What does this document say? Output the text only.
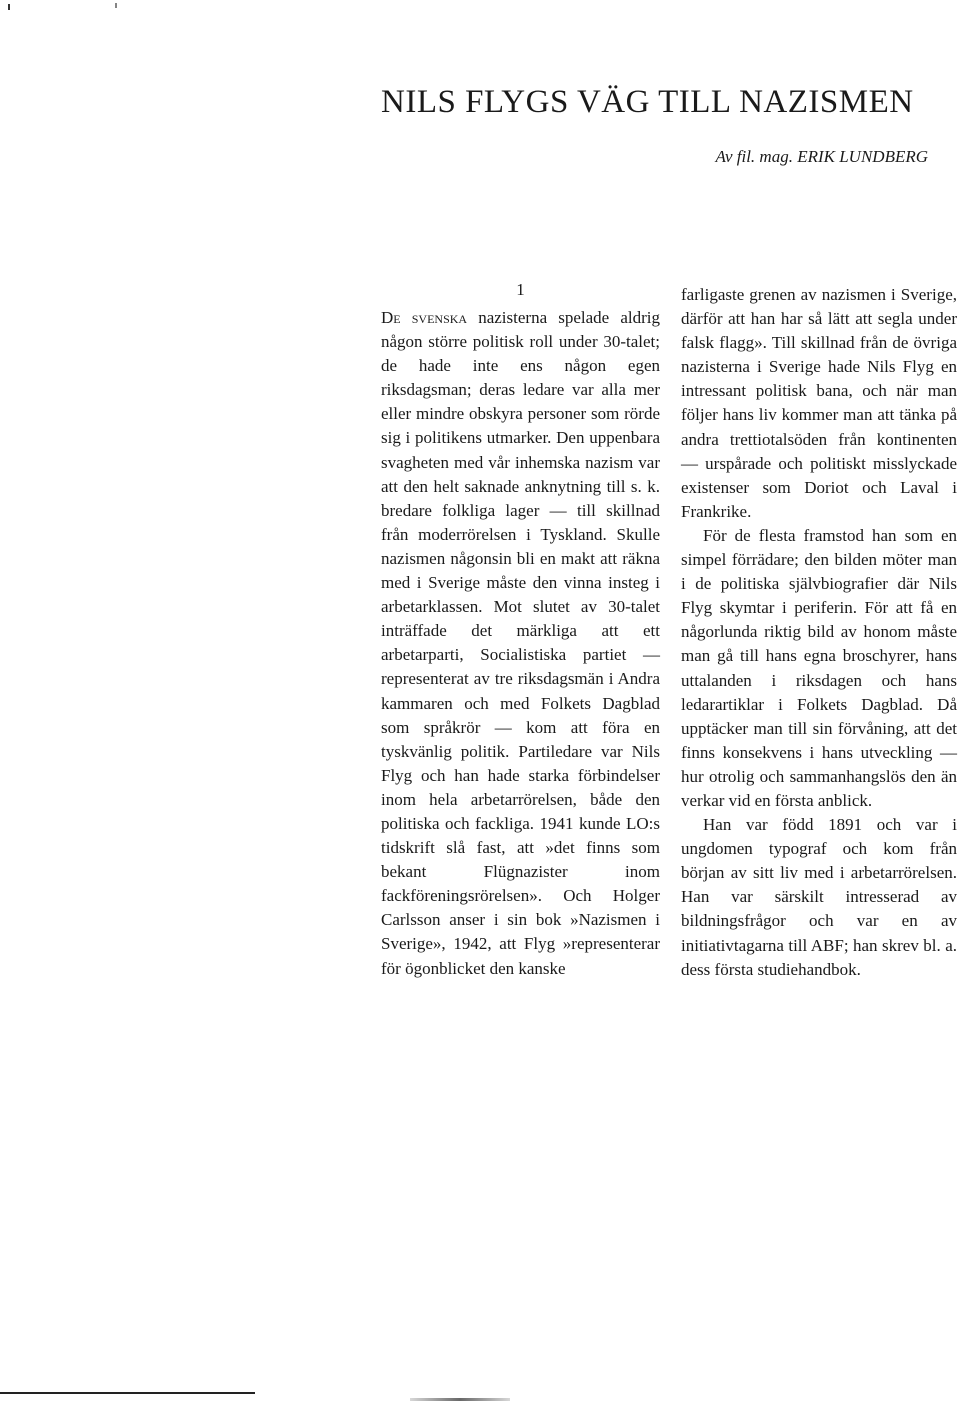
NILS FLYGS VÄG TILL NAZISMEN
Av fil. mag. ERIK LUNDBERG
1

De svenska nazisterna spelade aldrig någon större politisk roll under 30-talet; de hade inte ens någon egen riksdagsman; deras ledare var alla mer eller mindre obskyra personer som rörde sig i politikens utmarker. Den uppenbara svagheten med vår inhemska nazism var att den helt saknade anknytning till s. k. bredare folkliga lager — till skillnad från moderrörelsen i Tyskland. Skulle nazismen någonsin bli en makt att räkna med i Sverige måste den vinna insteg i arbetarklassen. Mot slutet av 30-talet inträffade det märkliga att ett arbetarparti, Socialistiska partiet — representerat av tre riksdagsmän i Andra kammaren och med Folkets Dagblad som språkrör — kom att föra en tyskvänlig politik. Partiledare var Nils Flyg och han hade starka förbindelser inom hela arbetarrörelsen, både den politiska och fackliga. 1941 kunde LO:s tidskrift slå fast, att »det finns som bekant Flügnazister inom fackföreningsrörelsen». Och Holger Carlsson anser i sin bok »Nazismen i Sverige», 1942, att Flyg »representerar för ögonblicket den kanske

farligaste grenen av nazismen i Sverige, därför att han har så lätt att segla under falsk flagg». Till skillnad från de övriga nazisterna i Sverige hade Nils Flyg en intressant politisk bana, och när man följer hans liv kommer man att tänka på andra trettiotalsöden från kontinenten — urspårade och politiskt misslyckade existenser som Doriot och Laval i Frankrike.

För de flesta framstod han som en simpel förrädare; den bilden möter man i de politiska självbiografier där Nils Flyg skymtar i periferin. För att få en någorlunda riktig bild av honom måste man gå till hans egna broschyrer, hans uttalanden i riksdagen och hans ledarartiklar i Folkets Dagblad. Då upptäcker man till sin förvåning, att det finns konsekvens i hans utveckling — hur otrolig och sammanhangslös den än verkar vid en första anblick.

Han var född 1891 och var i ungdomen typograf och kom från början av sitt liv med i arbetarrörelsen. Han var särskilt intresserad av bildningsfrågor och var en av initiativtagarna till ABF; han skrev bl. a. dess första studiehandbok.
